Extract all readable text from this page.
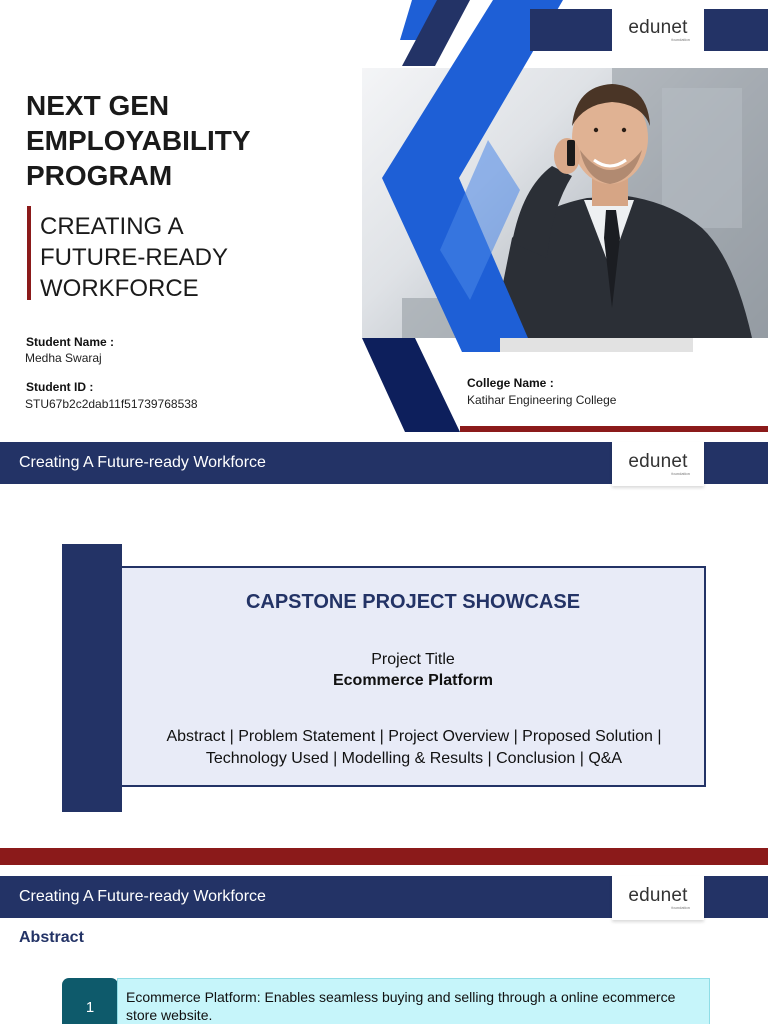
edunet
foundation
NEXT GEN
EMPLOYABILITY
PROGRAM
CREATING A
FUTURE-READY
WORKFORCE
Student Name :
Medha Swaraj
Student ID :
STU67b2c2dab11f51739768538
College Name :
Katihar Engineering College
Creating A Future-ready Workforce	edunet
foundation
CAPSTONE PROJECT SHOWCASE
Project Title
Ecommerce Platform
Abstract | Problem Statement | Project Overview | Proposed Solution |
Technology Used | Modelling & Results | Conclusion | Q&A
Creating A Future-ready Workforce	edunet
foundation
Abstract
1
Ecommerce Platform: Enables seamless buying and selling through a online ecommerce store website.
